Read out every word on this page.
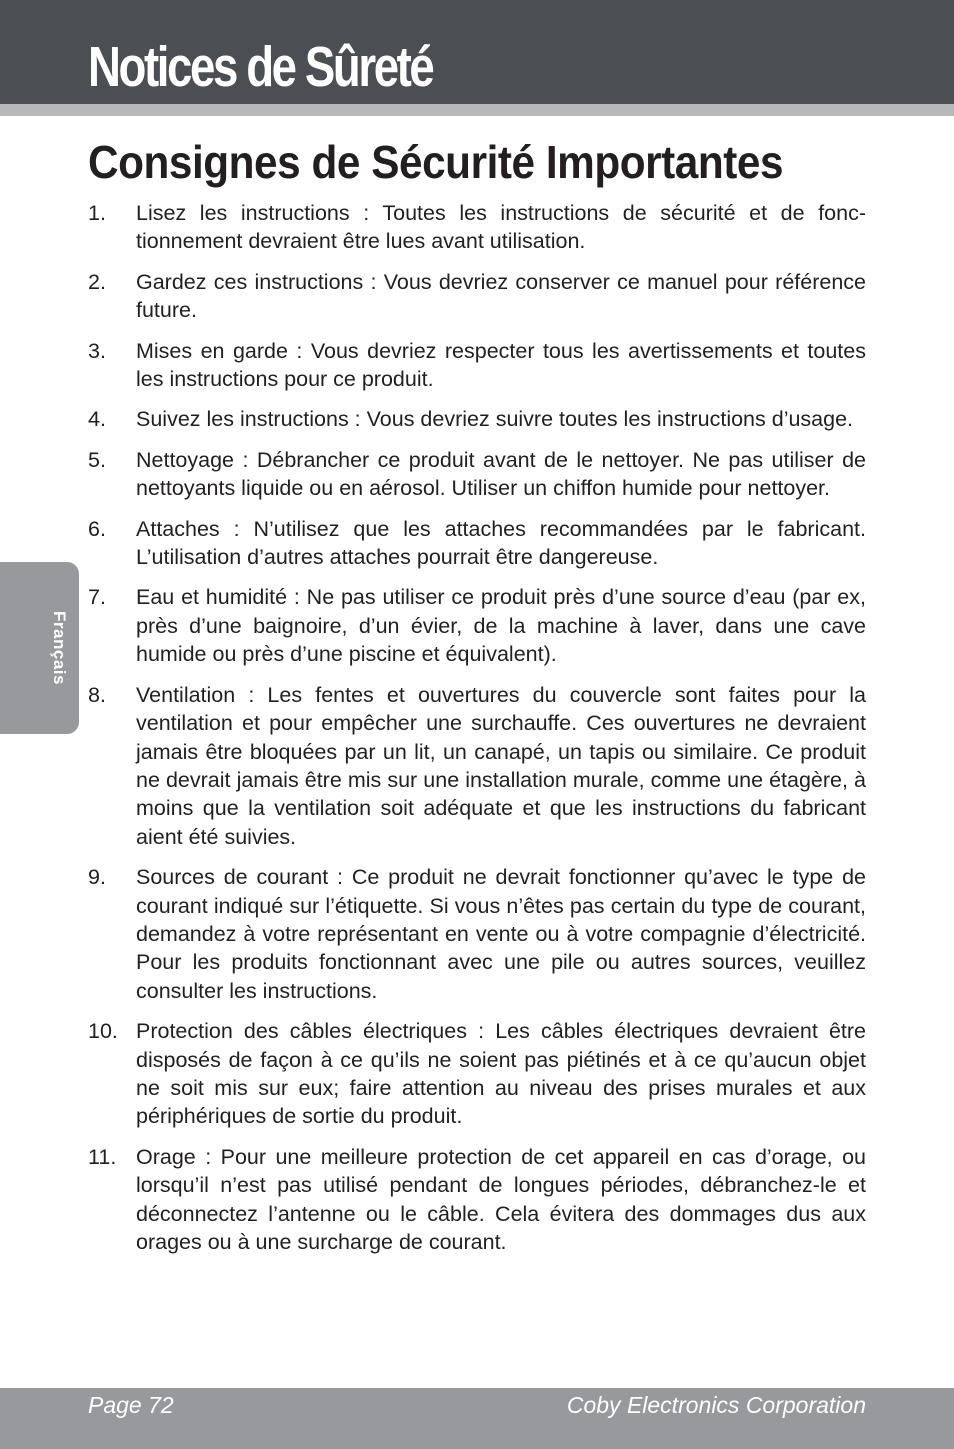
Notices de Sûreté
Consignes de Sécurité Importantes
Français
1. Lisez les instructions : Toutes les instructions de sécurité et de fonctionnement devraient être lues avant utilisation.
2. Gardez ces instructions : Vous devriez conserver ce manuel pour référence future.
3. Mises en garde : Vous devriez respecter tous les avertissements et toutes les instructions pour ce produit.
4. Suivez les instructions : Vous devriez suivre toutes les instructions d’usage.
5. Nettoyage : Débrancher ce produit avant de le nettoyer. Ne pas utiliser de nettoyants liquide ou en aérosol. Utiliser un chiffon humide pour nettoyer.
6. Attaches : N’utilisez que les attaches recommandées par le fabricant. L’utilisation d’autres attaches pourrait être dangereuse.
7. Eau et humidité : Ne pas utiliser ce produit près d’une source d’eau (par ex, près d’une baignoire, d’un évier, de la machine à laver, dans une cave humide ou près d’une piscine et équivalent).
8. Ventilation : Les fentes et ouvertures du couvercle sont faites pour la ventilation et pour empêcher une surchauffe. Ces ouvertures ne devraient jamais être bloquées par un lit, un canapé, un tapis ou similaire. Ce produit ne devrait jamais être mis sur une installation murale, comme une étagère, à moins que la ventilation soit adéquate et que les instructions du fabricant aient été suivies.
9. Sources de courant : Ce produit ne devrait fonctionner qu’avec le type de courant indiqué sur l’étiquette. Si vous n’êtes pas certain du type de courant, demandez à votre représentant en vente ou à votre compagnie d’électricité. Pour les produits fonctionnant avec une pile ou autres sources, veuillez consulter les instructions.
10. Protection des câbles électriques : Les câbles électriques devraient être disposés de façon à ce qu’ils ne soient pas piétinés et à ce qu’aucun objet ne soit mis sur eux; faire attention au niveau des prises murales et aux périphériques de sortie du produit.
11. Orage : Pour une meilleure protection de cet appareil en cas d’orage, ou lorsqu’il n’est pas utilisé pendant de longues périodes, débranchez-le et déconnectez l’antenne ou le câble. Cela évitera des dommages dus aux orages ou à une surcharge de courant.
Page 72	Coby Electronics Corporation
